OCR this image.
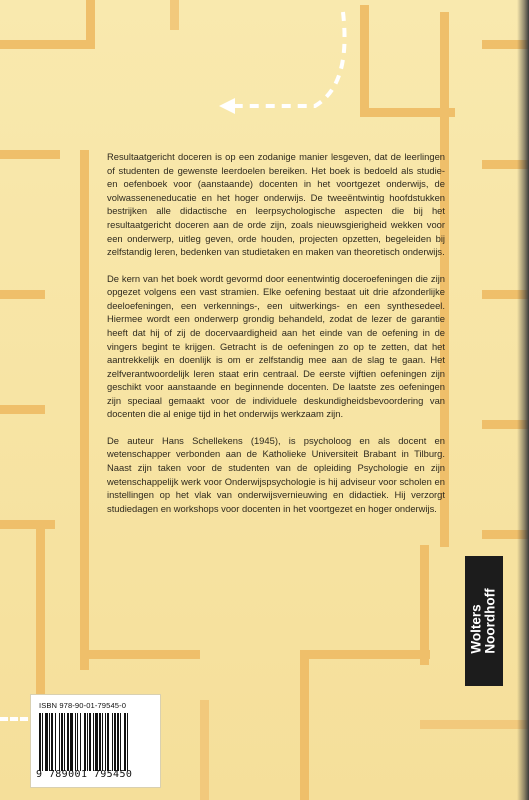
Resultaatgericht doceren is op een zodanige manier lesgeven, dat de leerlingen of studenten de gewenste leerdoelen bereiken. Het boek is bedoeld als studie- en oefenboek voor (aanstaande) docenten in het voortgezet onderwijs, de volwasseneneducatie en het hoger onderwijs. De tweeëntwintig hoofdstukken bestrijken alle didactische en leerpsychologische aspecten die bij het resultaatgericht doceren aan de orde zijn, zoals nieuwsgierigheid wekken voor een onderwerp, uitleg geven, orde houden, projecten opzetten, begeleiden bij zelfstandig leren, bedenken van studietaken en maken van theoretisch onderwijs.

De kern van het boek wordt gevormd door eenentwintig doceroefeningen die zijn opgezet volgens een vast stramien. Elke oefening bestaat uit drie afzonderlijke deeloefeningen, een verkennings-, een uitwerkings- en een synthesedeel. Hiermee wordt een onderwerp grondig behandeld, zodat de lezer de garantie heeft dat hij of zij de docervaardigheid aan het einde van de oefening in de vingers begint te krijgen. Getracht is de oefeningen zo op te zetten, dat het aantrekkelijk en doenlijk is om er zelfstandig mee aan de slag te gaan. Het zelfverantwoordelijk leren staat erin centraal. De eerste vijftien oefeningen zijn geschikt voor aanstaande en beginnende docenten. De laatste zes oefeningen zijn speciaal gemaakt voor de individuele deskundigheidsbevoordering van docenten die al enige tijd in het onderwijs werkzaam zijn.

De auteur Hans Schellekens (1945), is psycholoog en als docent en wetenschapper verbonden aan de Katholieke Universiteit Brabant in Tilburg. Naast zijn taken voor de studenten van de opleiding Psychologie en zijn wetenschappelijk werk voor Onderwijspsychologie is hij adviseur voor scholen en instellingen op het vlak van onderwijsvernieuwing en didactiek. Hij verzorgt studiedagen en workshops voor docenten in het voortgezet en hoger onderwijs.

Wolters Noordhoff
ISBN 978-90-01-79545-0
9 789001 795450
